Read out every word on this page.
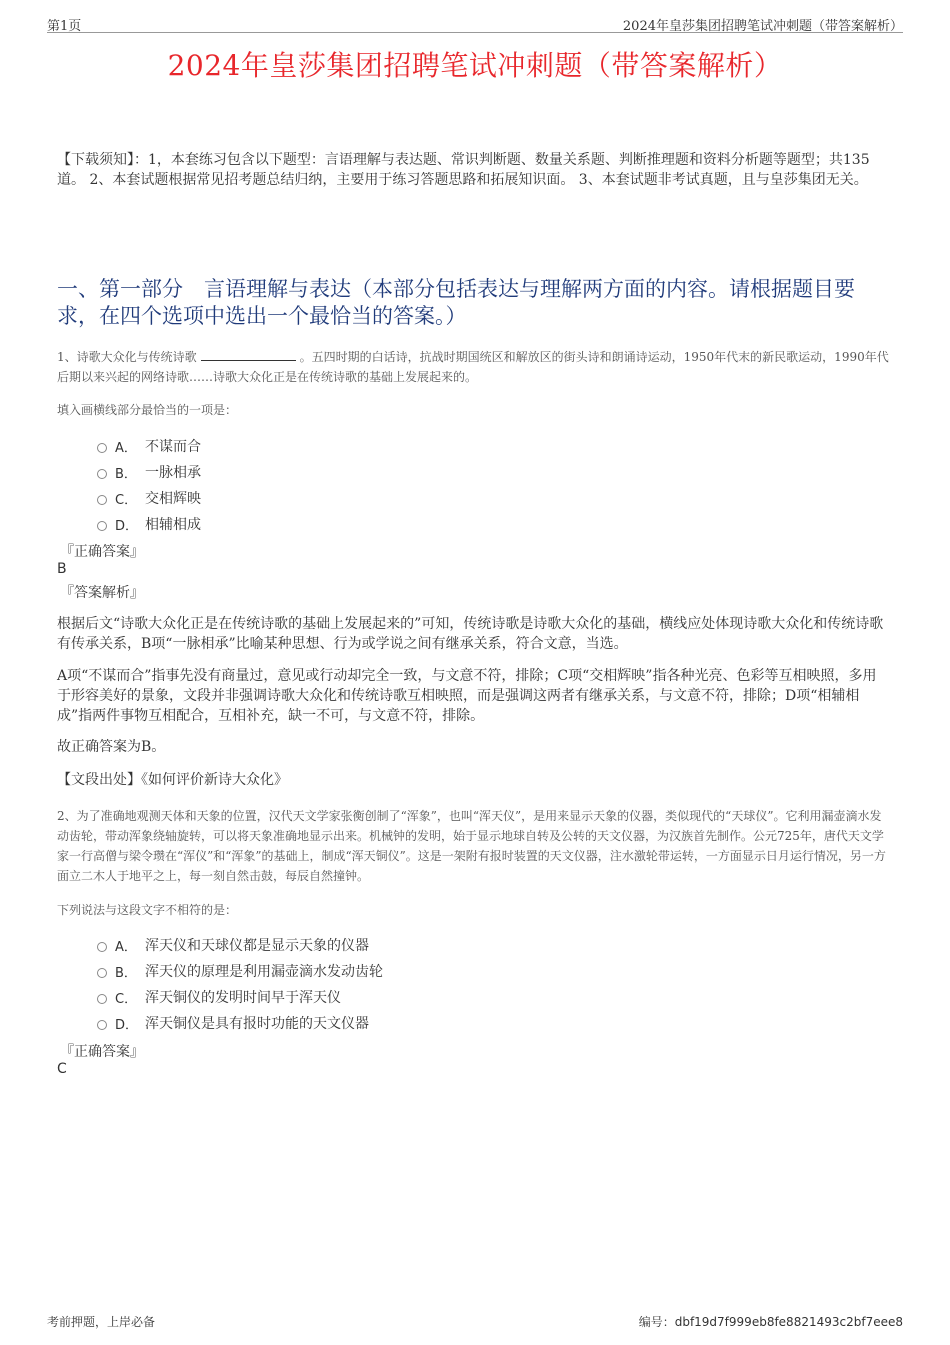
第1页	2024年皇莎集团招聘笔试冲刺题（带答案解析）
2024年皇莎集团招聘笔试冲刺题（带答案解析）
【下载须知】：1，本套练习包含以下题型：言语理解与表达题、常识判断题、数量关系题、判断推理题和资料分析题等题型；共135道。 2、本套试题根据常见招考题总结归纳，主要用于练习答题思路和拓展知识面。 3、本套试题非考试真题，且与皇莎集团无关。
一、第一部分　言语理解与表达（本部分包括表达与理解两方面的内容。请根据题目要求，在四个选项中选出一个最恰当的答案。）
1、诗歌大众化与传统诗歌	。五四时期的白话诗，抗战时期国统区和解放区的街头诗和朗诵诗运动，1950年代末的新民歌运动，1990年代后期以来兴起的网络诗歌……诗歌大众化正是在传统诗歌的基础上发展起来的。
填入画横线部分最恰当的一项是：
A． 不谋而合
B． 一脉相承
C． 交相辉映
D． 相辅相成
『正确答案』
B
『答案解析』
根据后文“诗歌大众化正是在传统诗歌的基础上发展起来的”可知，传统诗歌是诗歌大众化的基础，横线应处体现诗歌大众化和传统诗歌有传承关系，B项“一脉相承”比喻某种思想、行为或学说之间有继承关系，符合文意，当选。
A项“不谋而合”指事先没有商量过，意见或行动却完全一致，与文意不符，排除；C项“交相辉映”指各种光亮、色彩等互相映照，多用于形容美好的景象，文段并非强调诗歌大众化和传统诗歌互相映照，而是强调这两者有继承关系，与文意不符，排除；D项“相辅相成”指两件事物互相配合，互相补充，缺一不可，与文意不符，排除。
故正确答案为B。
【文段出处】《如何评价新诗大众化》
2、为了准确地观测天体和天象的位置，汉代天文学家张衡创制了“浑象”，也叫“浑天仪”，是用来显示天象的仪器，类似现代的“天球仪”。它利用漏壶滴水发动齿轮，带动浑象绕轴旋转，可以将天象准确地显示出来。机械钟的发明，始于显示地球自转及公转的天文仪器，为汉族首先制作。公元725年，唐代天文学家一行高僧与梁令瓒在“浑仪”和“浑象”的基础上，制成“浑天铜仪”。这是一架附有报时装置的天文仪器，注水激轮带运转，一方面显示日月运行情况，另一方面立二木人于地平之上，每一刻自然击鼓，每辰自然撞钟。
下列说法与这段文字不相符的是：
A． 浑天仪和天球仪都是显示天象的仪器
B． 浑天仪的原理是利用漏壶滴水发动齿轮
C． 浑天铜仪的发明时间早于浑天仪
D． 浑天铜仪是具有报时功能的天文仪器
『正确答案』
C
考前押题，上岸必备	编号：dbf19d7f999eb8fe8821493c2bf7eee8
